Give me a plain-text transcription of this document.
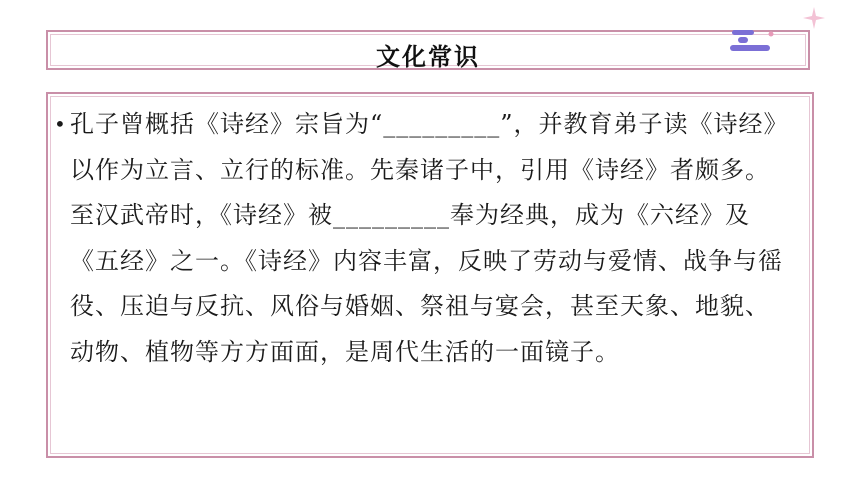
文化常识
• 孔子曾概括《诗经》宗旨为“_________”，并教育弟子读《诗经》以作为立言、立行的标准。先秦诸子中，引用《诗经》者颇多。至汉武帝时，《诗经》被_________奉为经典，成为《六经》及《五经》之一。《诗经》内容丰富，反映了劳动与爱情、战争与徭役、压迫与反抗、风俗与婚姻、祭祖与宴会，甚至天象、地貌、动物、植物等方方面面，是周代生活的一面镜子。
